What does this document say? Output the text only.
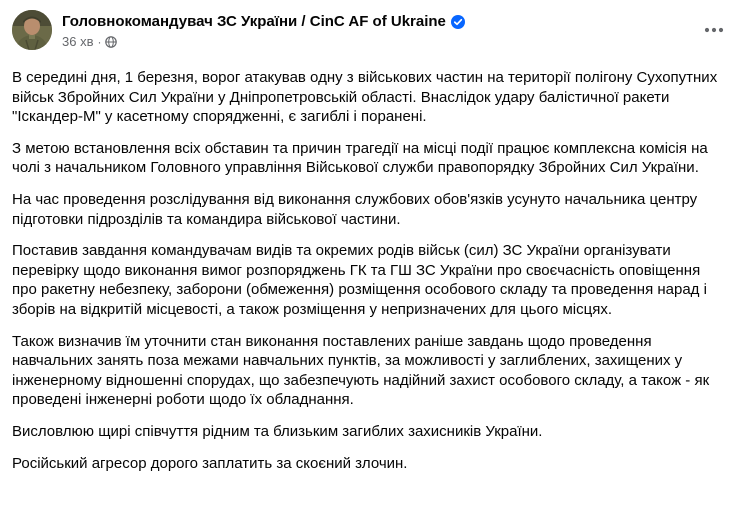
Головнокомандувач ЗС України / CinC AF of Ukraine
36 хв ·

В середині дня, 1 березня, ворог атакував одну з військових частин на території полігону Сухопутних військ Збройних Сил України у Дніпропетровській області. Внаслідок удару балістичної ракети "Іскандер-М" у касетному спорядженні, є загиблі і поранені.

З метою встановлення всіх обставин та причин трагедії на місці події працює комплексна комісія на чолі з начальником Головного управління Військової служби правопорядку Збройних Сил України.

На час проведення розслідування від виконання службових обов'язків усунуто начальника центру підготовки підрозділів та командира військової частини.

Поставив завдання командувачам видів та окремих родів військ (сил) ЗС України організувати перевірку щодо виконання вимог розпоряджень ГК та ГШ ЗС України про своєчасність оповіщення про ракетну небезпеку, заборони (обмеження) розміщення особового складу та проведення нарад і зборів на відкритій місцевості, а також розміщення у непризначених для цього місцях.

Також визначив їм уточнити стан виконання поставлених раніше завдань щодо проведення навчальних занять поза межами навчальних пунктів, за можливості у заглиблених, захищених у інженерному відношенні спорудах, що забезпечують надійний захист особового складу, а також - як проведені інженерні роботи щодо їх обладнання.

Висловлюю щирі співчуття рідним та близьким загиблих захисників України.

Російський агресор дорого заплатить за скоєний злочин.
